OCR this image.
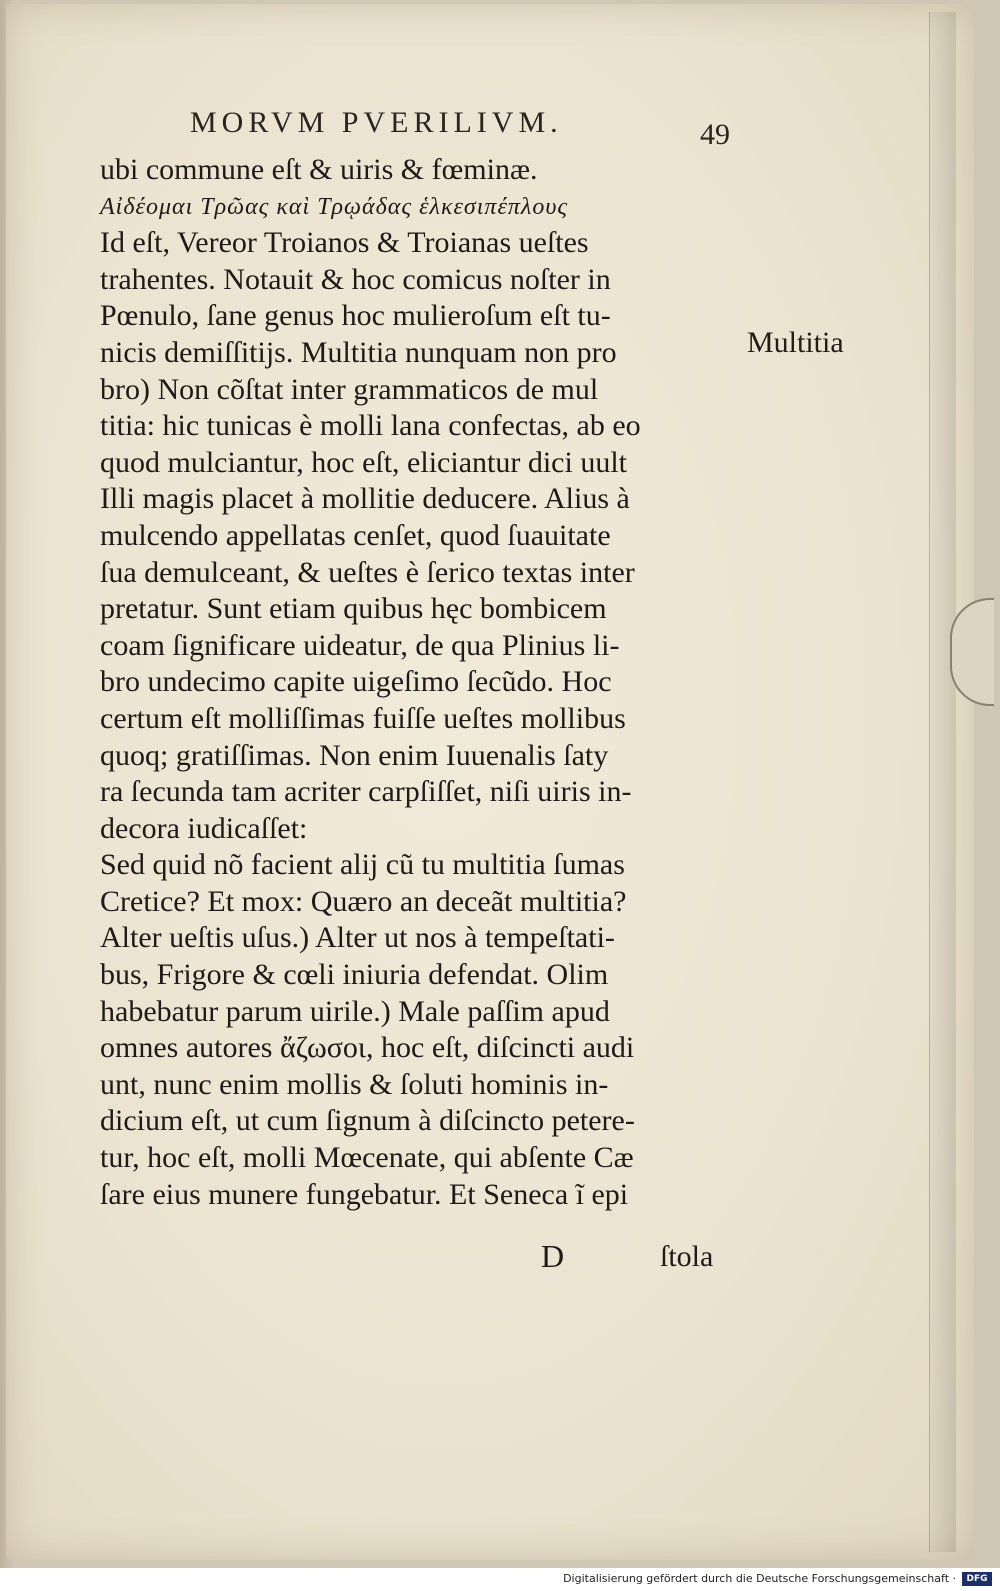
MORVM PVERILIVM.	49
Multitia
ubi commune eſt & uiris & fœminæ.
Αἰδέομαι Τρῶας καὶ Τρῳάδας ἑλκεσιπέπλους
Id eſt, Vereor Troianos & Troianas ueſtes
trahentes. Notauit & hoc comicus noſter in
Pœnulo, ſane genus hoc mulieroſum eſt tu-
nicis demiſſitijs. Multitia nunquam non pro
bro) Non cõſtat inter grammaticos de mul
titia: hic tunicas è molli lana confectas, ab eo
quod mulciantur, hoc eſt, eliciantur dici uult
Illi magis placet à mollitie deducere. Alius à
mulcendo appellatas cenſet, quod ſuauitate
ſua demulceant, & ueſtes è ſerico textas inter
pretatur. Sunt etiam quibus hęc bombicem
coam ſignificare uideatur, de qua Plinius li-
bro undecimo capite uigeſimo ſecũdo. Hoc
certum eſt molliſſimas fuiſſe ueſtes mollibus
quoq; gratiſſimas. Non enim Iuuenalis ſaty
ra ſecunda tam acriter carpſiſſet, niſi uiris in-
decora iudicaſſet:
Sed quid nõ facient alij cũ tu multitia ſumas
Cretice? Et mox: Quæro an deceãt multitia?
Alter ueſtis uſus.) Alter ut nos à tempeſtati-
bus, Frigore & cœli iniuria defendat. Olim
habebatur parum uirile.) Male paſſim apud
omnes autores ἄζωσοι, hoc eſt, diſcincti audi
unt, nunc enim mollis & ſoluti hominis in-
dicium eſt, ut cum ſignum à diſcincto petere-
tur, hoc eſt, molli Mœcenate, qui abſente Cæ
ſare eius munere fungebatur. Et Seneca ĩ epi
D	ſtola
Digitalisierung gefördert durch die Deutsche Forschungsgemeinschaft ·	DFG
